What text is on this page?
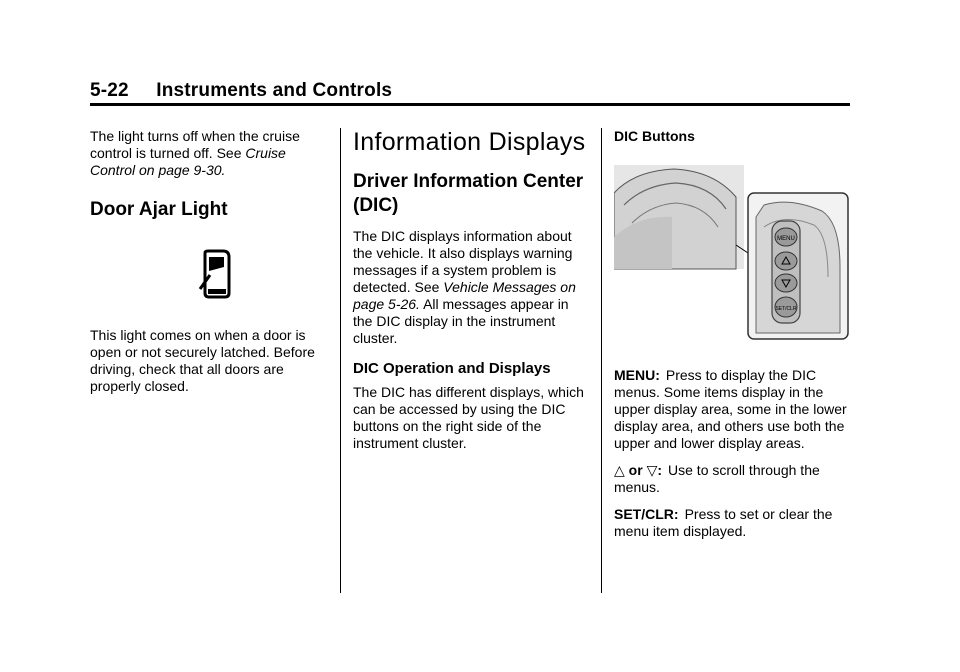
5-22     Instruments and Controls

The light turns off when the cruise control is turned off. See Cruise Control on page 9-30.

Door Ajar Light

This light comes on when a door is open or not securely latched. Before driving, check that all doors are properly closed.

Information Displays
Driver Information Center (DIC)

The DIC displays information about the vehicle. It also displays warning messages if a system problem is detected. See Vehicle Messages on page 5-26. All messages appear in the DIC display in the instrument cluster.

DIC Operation and Displays

The DIC has different displays, which can be accessed by using the DIC buttons on the right side of the instrument cluster.

DIC Buttons
MENU
SET/CLR

MENU: Press to display the DIC menus. Some items display in the upper display area, some in the lower display area, and others use both the upper and lower display areas.

△ or ▽: Use to scroll through the menus.

SET/CLR: Press to set or clear the menu item displayed.
